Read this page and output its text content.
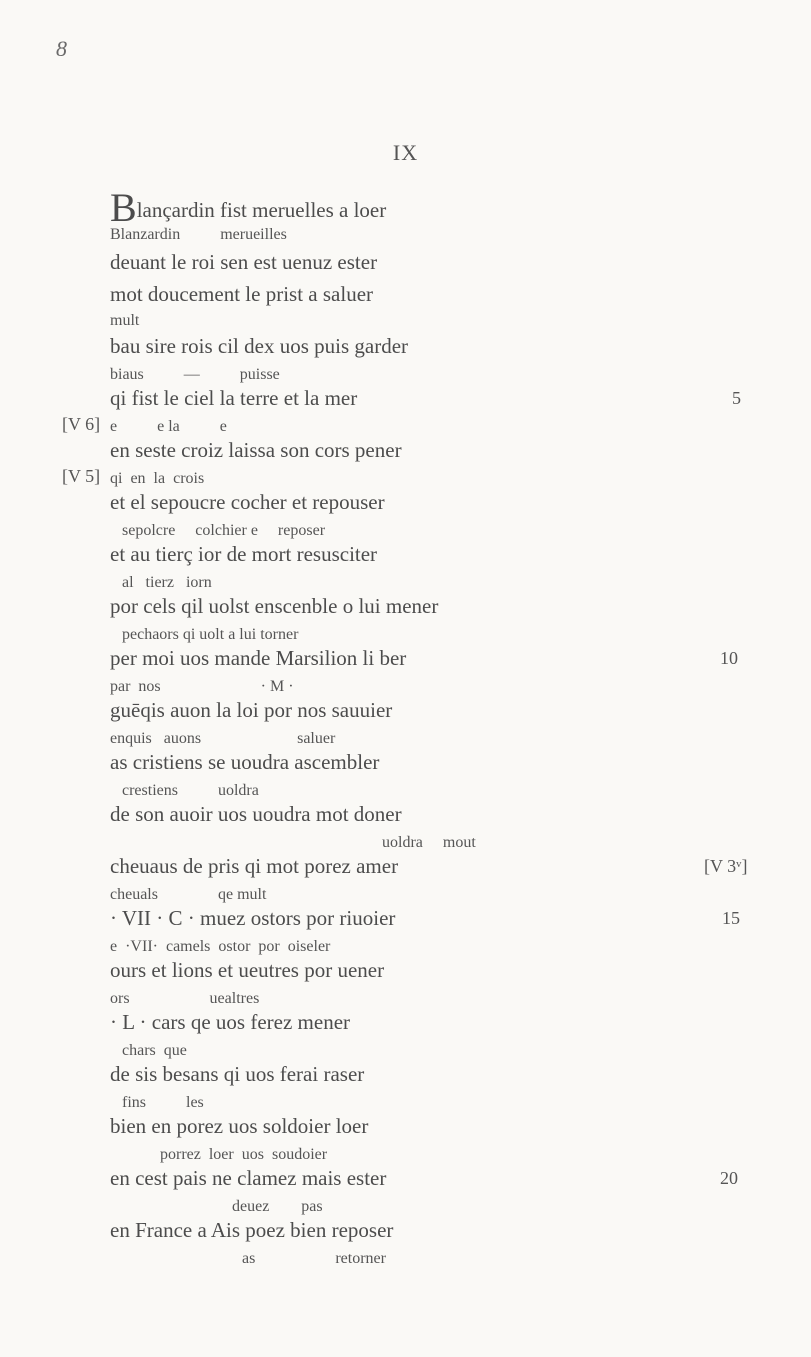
8
IX
Blançardin fist meruelles a loer
Blanzardin          merueilles
deuant le roi sen est uenuz ester
mot doucement le prist a saluer
mult
bau sire rois cil dex uos puis garder
biaus          —          puisse
qi fist le ciel la terre et la mer
e          e la          e
en seste croiz laissa son cors pener
qi  en  la  crois
et el sepoucre cocher et repouser
sepolcre     colchier e     reposer
et au tierç ior de mort resusciter
al   tierz   iorn
por cels qil uolst enscenble o lui mener
pechaors qi uolt a lui torner
per moi uos mande Marsilion li ber
par  nos                         · M ·
guēqis auon la loi por nos sauuier
enquis   auons                        saluer
as cristiens se uoudra ascembler
crestiens          uoldra
de son auoir uos uoudra mot doner
uoldra     mout
cheuaus de pris qi mot porez amer
cheuals               qe mult
· VII · C · muez ostors por riuoier
e  ·VII·  camels  ostor  por  oiseler
ours et lions et ueutres por uener
ors                    uealtres
· L · cars qe uos ferez mener
chars  que
de sis besans qi uos ferai raser
fins          les
bien en porez uos soldoier loer
porrez  loer  uos  soudoier
en cest pais ne clamez mais ester
deuez        pas
en France a Ais poez bien reposer
as                    retorner
[V 6]
[V 5]
5
10
[V 3ᵛ]
15
20
